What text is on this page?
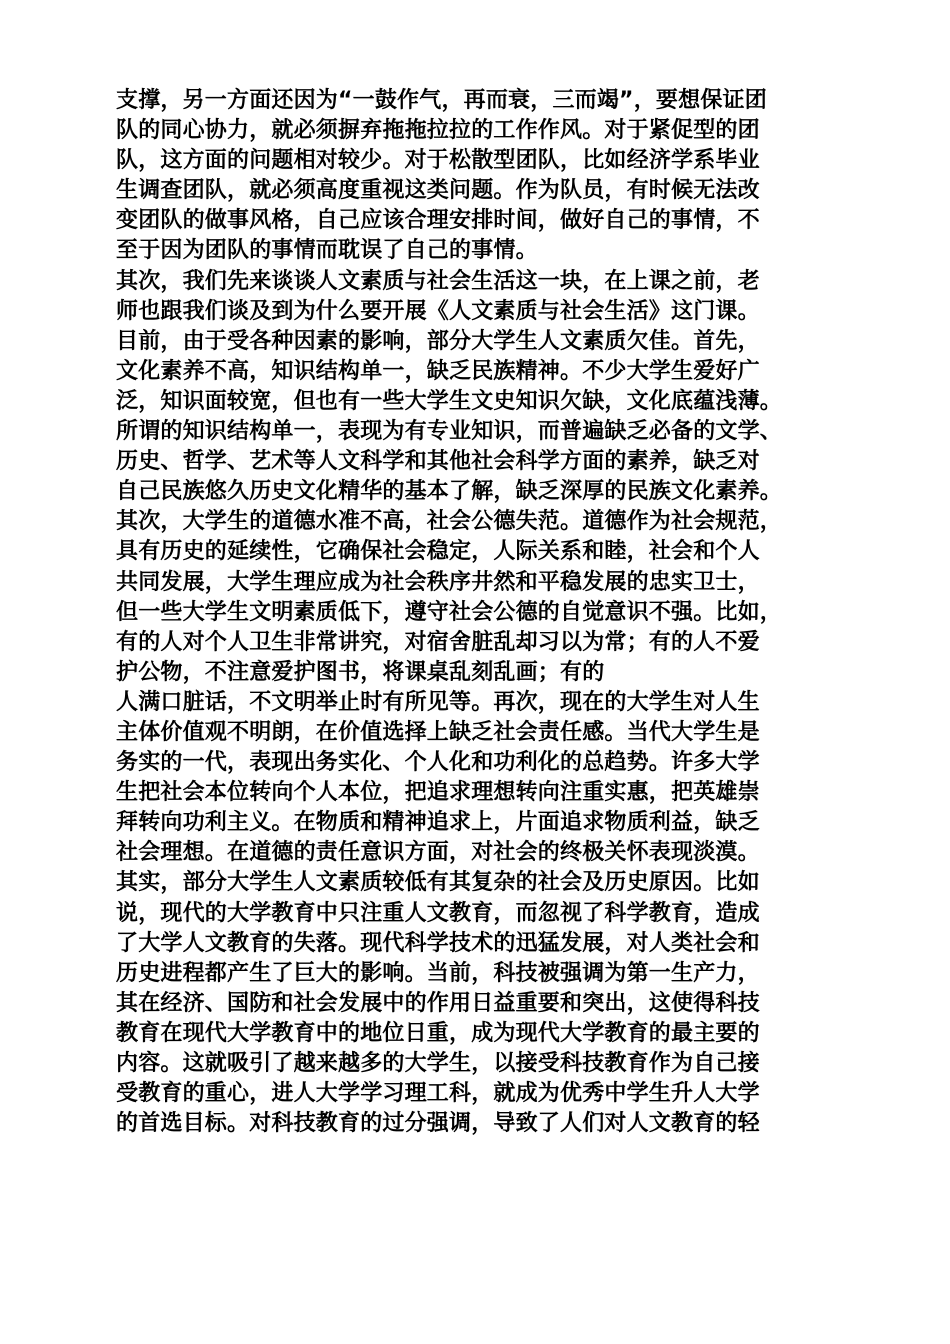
支撑，另一方面还因为“一鼓作气，再而衰，三而竭”，要想保证团
队的同心协力，就必须摒弃拖拖拉拉的工作作风。对于紧促型的团
队，这方面的问题相对较少。对于松散型团队，比如经济学系毕业
生调查团队，就必须高度重视这类问题。作为队员，有时候无法改
变团队的做事风格，自己应该合理安排时间，做好自己的事情，不
至于因为团队的事情而耽误了自己的事情。
其次，我们先来谈谈人文素质与社会生活这一块，在上课之前，老
师也跟我们谈及到为什么要开展《人文素质与社会生活》这门课。
目前，由于受各种因素的影响，部分大学生人文素质欠佳。首先，
文化素养不高，知识结构单一，缺乏民族精神。不少大学生爱好广
泛，知识面较宽，但也有一些大学生文史知识欠缺，文化底蕴浅薄。
所谓的知识结构单一，表现为有专业知识，而普遍缺乏必备的文学、
历史、哲学、艺术等人文科学和其他社会科学方面的素养，缺乏对
自己民族悠久历史文化精华的基本了解，缺乏深厚的民族文化素养。
其次，大学生的道德水准不高，社会公德失范。道德作为社会规范，
具有历史的延续性，它确保社会稳定，人际关系和睦，社会和个人
共同发展，大学生理应成为社会秩序井然和平稳发展的忠实卫士，
但一些大学生文明素质低下，遵守社会公德的自觉意识不强。比如，
有的人对个人卫生非常讲究，对宿舍脏乱却习以为常；有的人不爱
护公物，不注意爱护图书，将课桌乱刻乱画；有的
人满口脏话，不文明举止时有所见等。再次，现在的大学生对人生
主体价值观不明朗，在价值选择上缺乏社会责任感。当代大学生是
务实的一代，表现出务实化、个人化和功利化的总趋势。许多大学
生把社会本位转向个人本位，把追求理想转向注重实惠，把英雄崇
拜转向功利主义。在物质和精神追求上，片面追求物质利益，缺乏
社会理想。在道德的责任意识方面，对社会的终极关怀表现淡漠。
其实，部分大学生人文素质较低有其复杂的社会及历史原因。比如
说，现代的大学教育中只注重人文教育，而忽视了科学教育，造成
了大学人文教育的失落。现代科学技术的迅猛发展，对人类社会和
历史进程都产生了巨大的影响。当前，科技被强调为第一生产力，
其在经济、国防和社会发展中的作用日益重要和突出，这使得科技
教育在现代大学教育中的地位日重，成为现代大学教育的最主要的
内容。这就吸引了越来越多的大学生，以接受科技教育作为自己接
受教育的重心，进人大学学习理工科，就成为优秀中学生升人大学
的首选目标。对科技教育的过分强调，导致了人们对人文教育的轻
